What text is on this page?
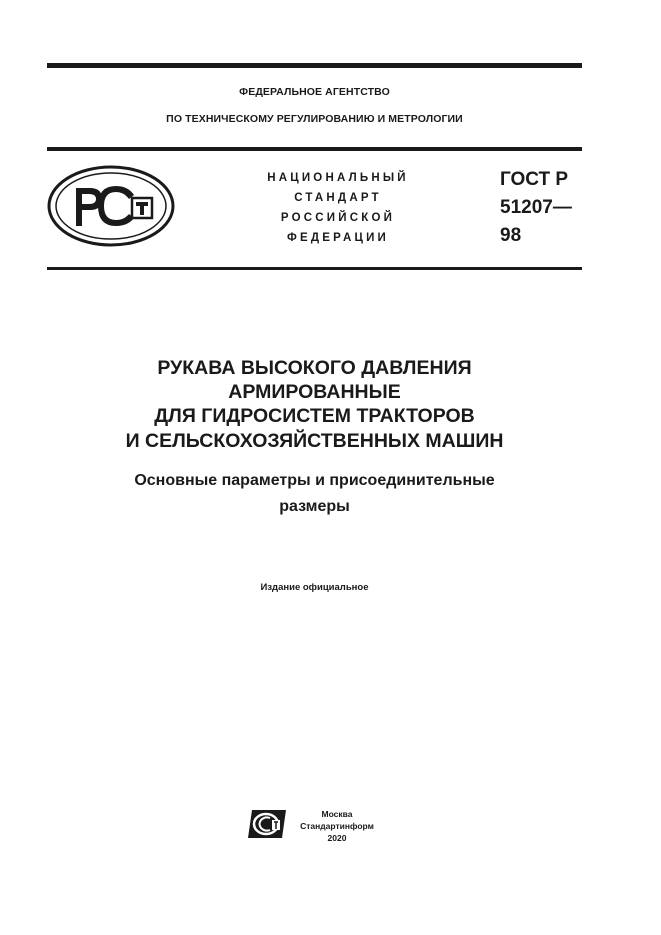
ФЕДЕРАЛЬНОЕ АГЕНТСТВО
ПО ТЕХНИЧЕСКОМУ РЕГУЛИРОВАНИЮ И МЕТРОЛОГИИ
НАЦИОНАЛЬНЫЙ
СТАНДАРТ
РОССИЙСКОЙ
ФЕДЕРАЦИИ
ГОСТ Р
51207—
98
РУКАВА ВЫСОКОГО ДАВЛЕНИЯ
АРМИРОВАННЫЕ
ДЛЯ ГИДРОСИСТЕМ ТРАКТОРОВ
И СЕЛЬСКОХОЗЯЙСТВЕННЫХ МАШИН
Основные параметры и присоединительные
размеры
Издание официальное
Москва
Стандартинформ
2020
